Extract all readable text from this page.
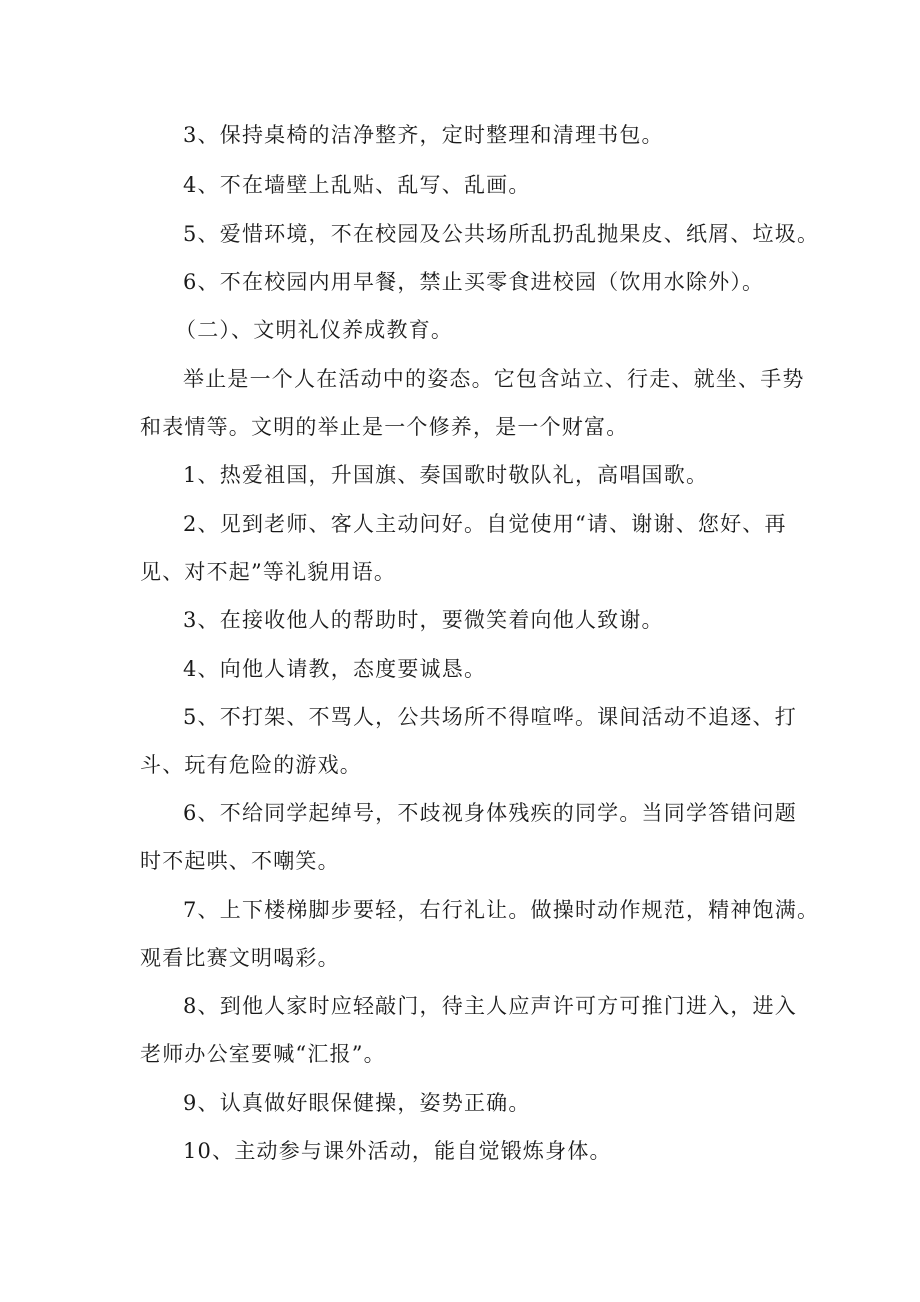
3、保持桌椅的洁净整齐，定时整理和清理书包。
4、不在墙壁上乱贴、乱写、乱画。
5、爱惜环境，不在校园及公共场所乱扔乱抛果皮、纸屑、垃圾。
6、不在校园内用早餐，禁止买零食进校园（饮用水除外）。
（二）、文明礼仪养成教育。
举止是一个人在活动中的姿态。它包含站立、行走、就坐、手势
和表情等。文明的举止是一个修养，是一个财富。
1、热爱祖国，升国旗、奏国歌时敬队礼，高唱国歌。
2、见到老师、客人主动问好。自觉使用“请、谢谢、您好、再
见、对不起”等礼貌用语。
3、在接收他人的帮助时，要微笑着向他人致谢。
4、向他人请教，态度要诚恳。
5、不打架、不骂人，公共场所不得喧哗。课间活动不追逐、打
斗、玩有危险的游戏。
6、不给同学起绰号，不歧视身体残疾的同学。当同学答错问题
时不起哄、不嘲笑。
7、上下楼梯脚步要轻，右行礼让。做操时动作规范，精神饱满。
观看比赛文明喝彩。
8、到他人家时应轻敲门，待主人应声许可方可推门进入，进入
老师办公室要喊“汇报”。
9、认真做好眼保健操，姿势正确。
10、主动参与课外活动，能自觉锻炼身体。
